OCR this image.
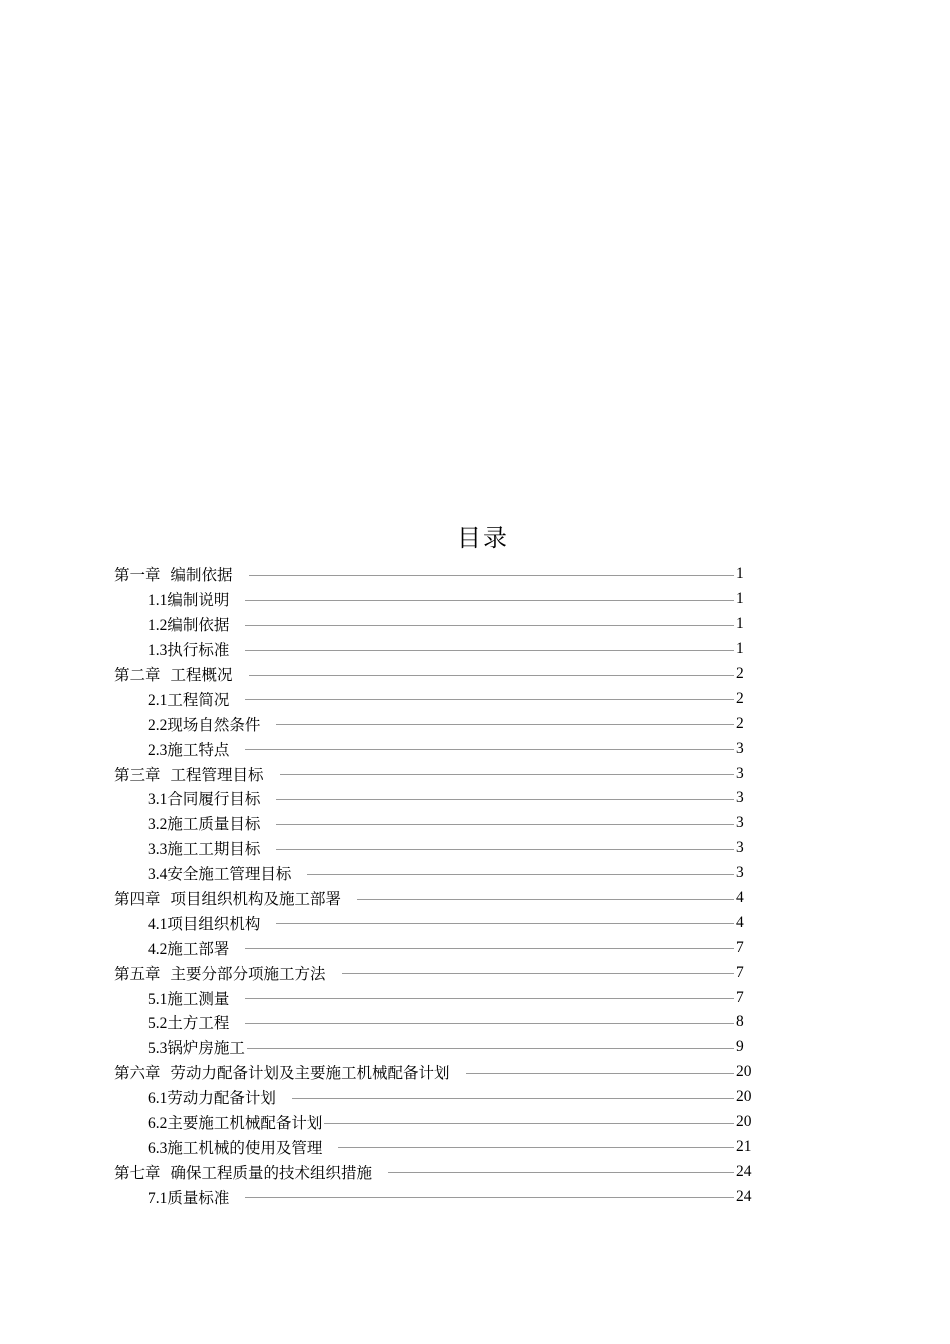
目录
第一章 编制依据	1
1.1编制说明	1
1.2编制依据	1
1.3执行标准	1
第二章 工程概况	2
2.1工程简况	2
2.2现场自然条件	2
2.3施工特点	3
第三章 工程管理目标	3
3.1合同履行目标	3
3.2施工质量目标	3
3.3施工工期目标	3
3.4安全施工管理目标	3
第四章 项目组织机构及施工部署	4
4.1项目组织机构	4
4.2施工部署	7
第五章 主要分部分项施工方法	7
5.1施工测量	7
5.2土方工程	8
5.3锅炉房施工	9
第六章 劳动力配备计划及主要施工机械配备计划	20
6.1劳动力配备计划	20
6.2主要施工机械配备计划	20
6.3施工机械的使用及管理	21
第七章 确保工程质量的技术组织措施	24
7.1质量标准	24
